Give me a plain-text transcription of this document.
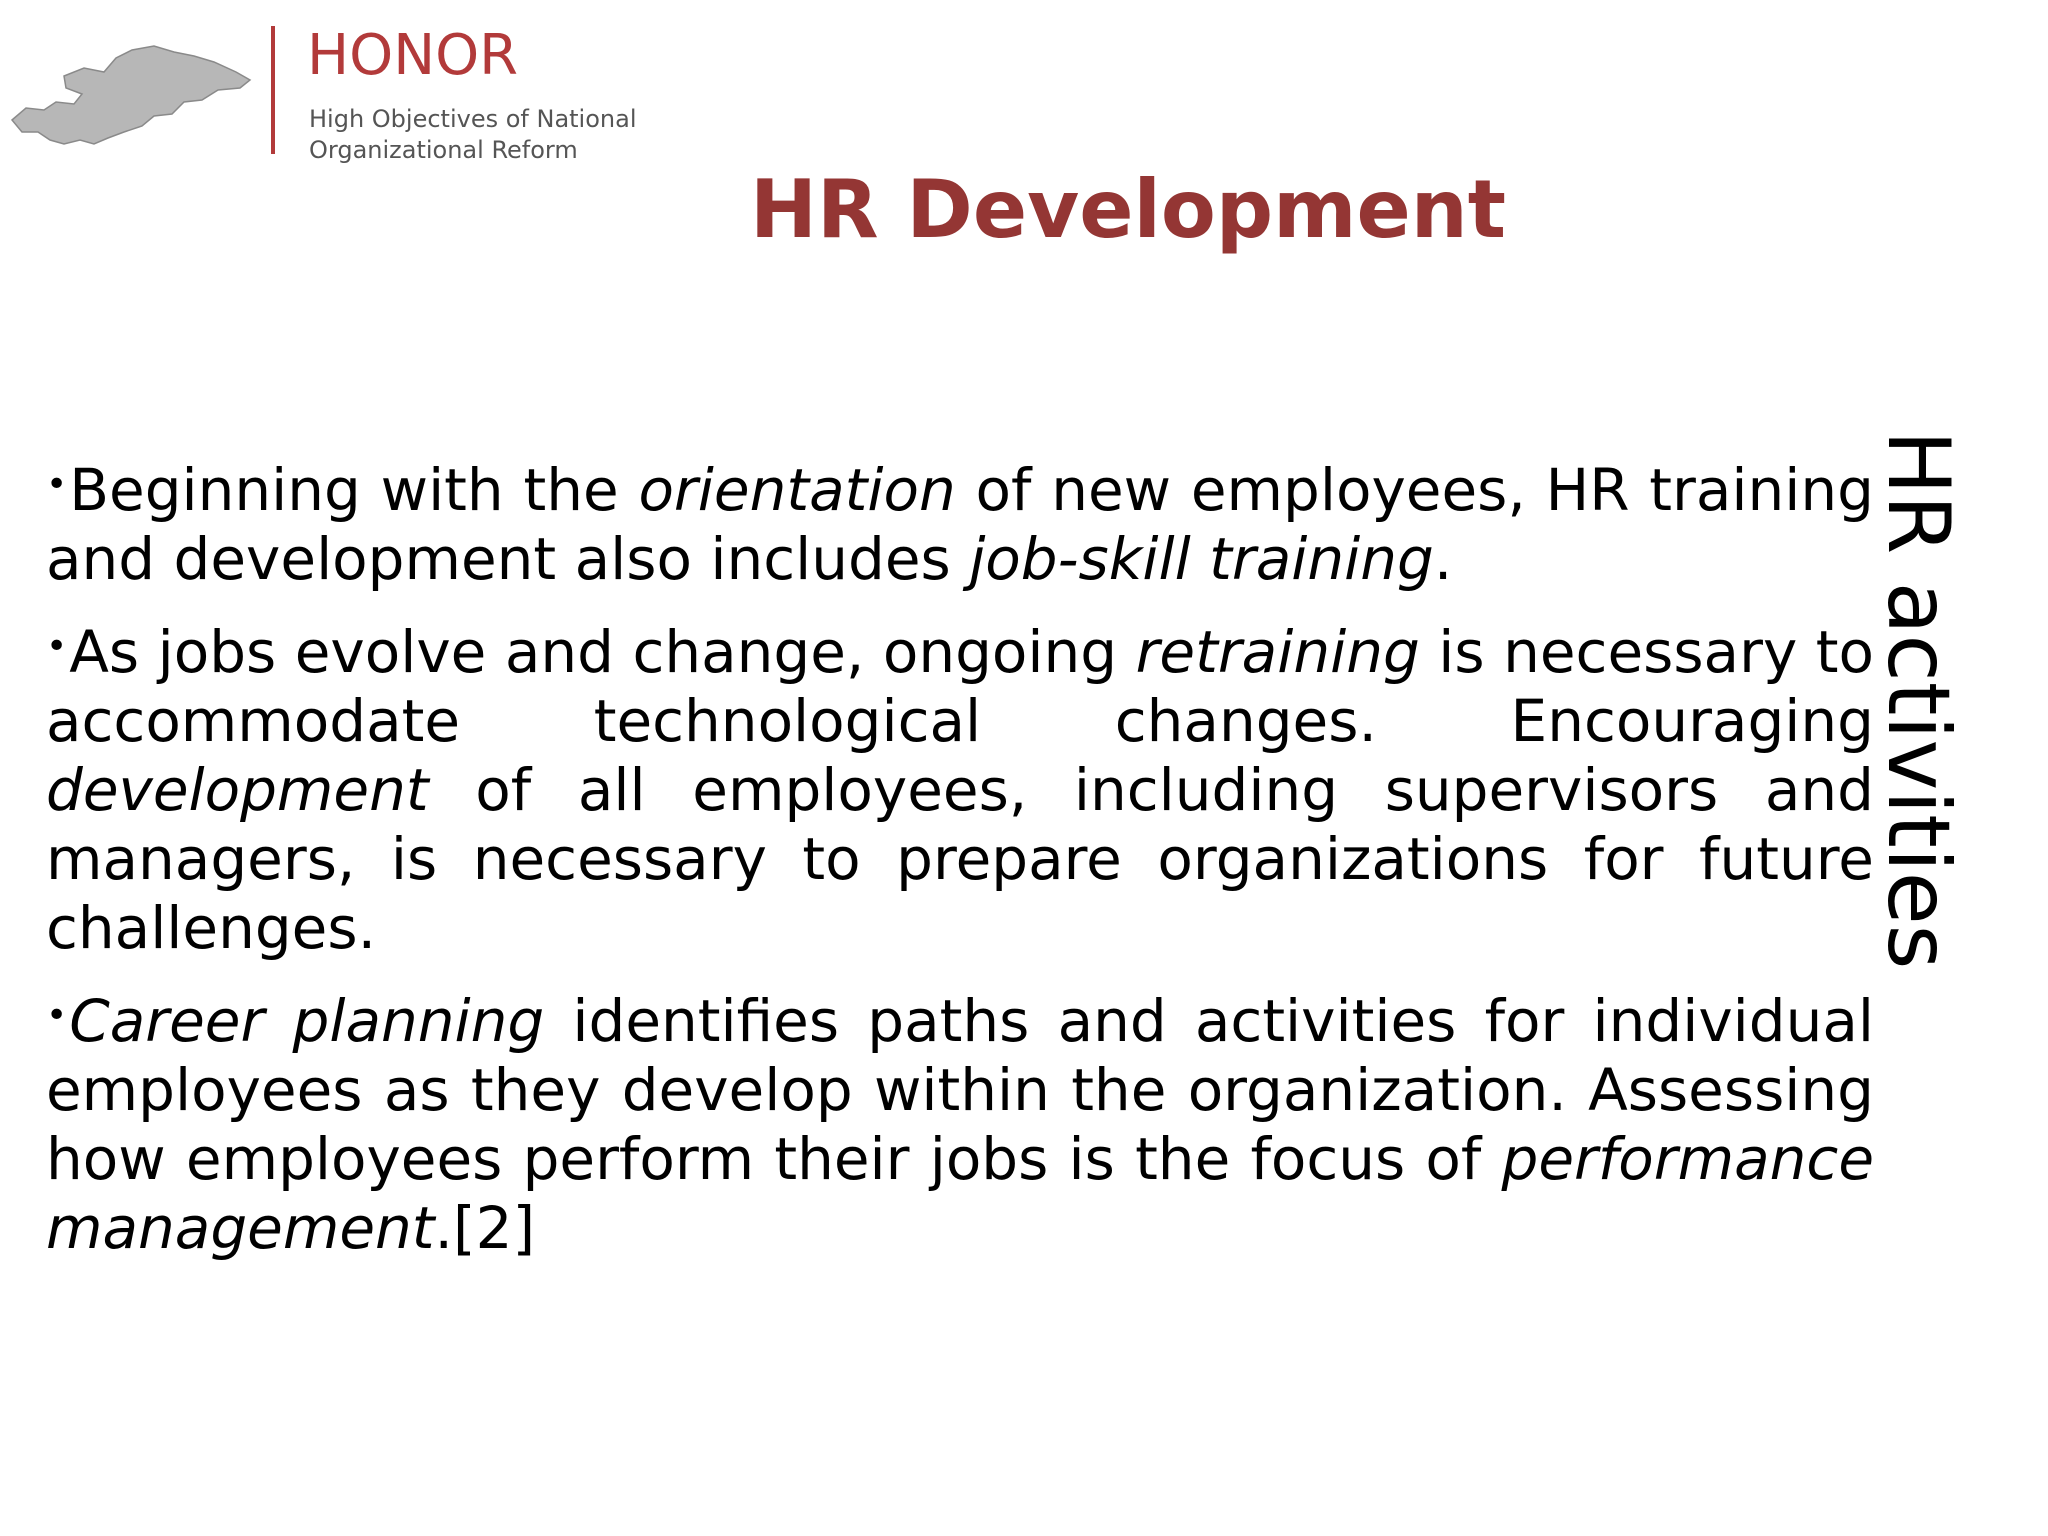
HONOR
High Objectives of National
Organizational Reform
HR Development

•Beginning with the orientation of new employees, HR training and development also includes job-skill training.

•As jobs evolve and change, ongoing retraining is necessary to accommodate technological changes. Encouraging development of all employees, including supervisors and managers, is necessary to prepare organizations for future challenges.

•Career planning identifies paths and activities for individual employees as they develop within the organization. Assessing how employees perform their jobs is the focus of performance management.[2]

HR activities
